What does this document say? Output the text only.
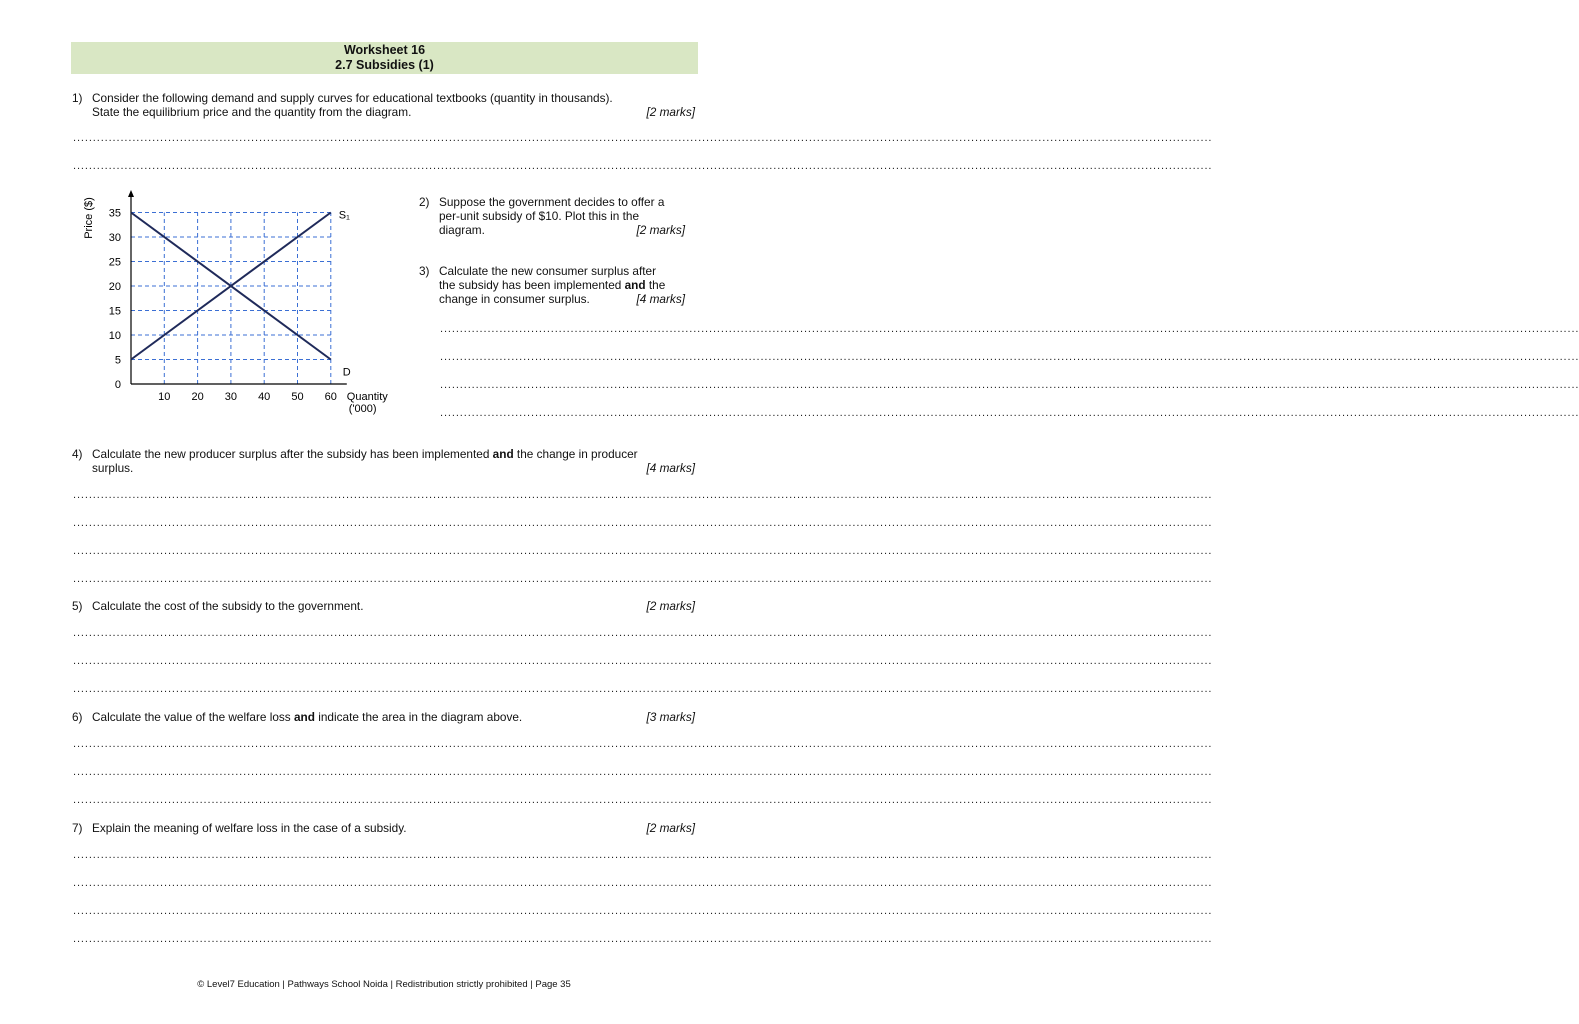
Worksheet 16
2.7 Subsidies (1)
1) Consider the following demand and supply curves for educational textbooks (quantity in thousands).
State the equilibrium price and the quantity from the diagram.	[2 marks]
................................................................................................................................................................................................................................................................................................
................................................................................................................................................................................................................................................................................................
10 20 30 40 50 60
0
5
10
15
20
25
30
35	S₁
D
Quantity
('000)
Price ($)	2) Suppose the government decides to offer a
per-unit subsidy of $10. Plot this in the
diagram.	[2 marks]
3) Calculate the new consumer surplus after
the subsidy has been implemented and the
change in consumer surplus.	[4 marks]
................................................................................................................................................................................................................................................................................................
................................................................................................................................................................................................................................................................................................
................................................................................................................................................................................................................................................................................................
................................................................................................................................................................................................................................................................................................
4) Calculate the new producer surplus after the subsidy has been implemented and the change in producer
surplus.	[4 marks]
................................................................................................................................................................................................................................................................................................
................................................................................................................................................................................................................................................................................................
................................................................................................................................................................................................................................................................................................
................................................................................................................................................................................................................................................................................................
5) Calculate the cost of the subsidy to the government.	[2 marks]
................................................................................................................................................................................................................................................................................................
................................................................................................................................................................................................................................................................................................
................................................................................................................................................................................................................................................................................................
6) Calculate the value of the welfare loss and indicate the area in the diagram above.	[3 marks]
................................................................................................................................................................................................................................................................................................
................................................................................................................................................................................................................................................................................................
................................................................................................................................................................................................................................................................................................
7) Explain the meaning of welfare loss in the case of a subsidy.	[2 marks]
................................................................................................................................................................................................................................................................................................
................................................................................................................................................................................................................................................................................................
................................................................................................................................................................................................................................................................................................
................................................................................................................................................................................................................................................................................................
© Level7 Education | Pathways School Noida | Redistribution strictly prohibited | Page 35
